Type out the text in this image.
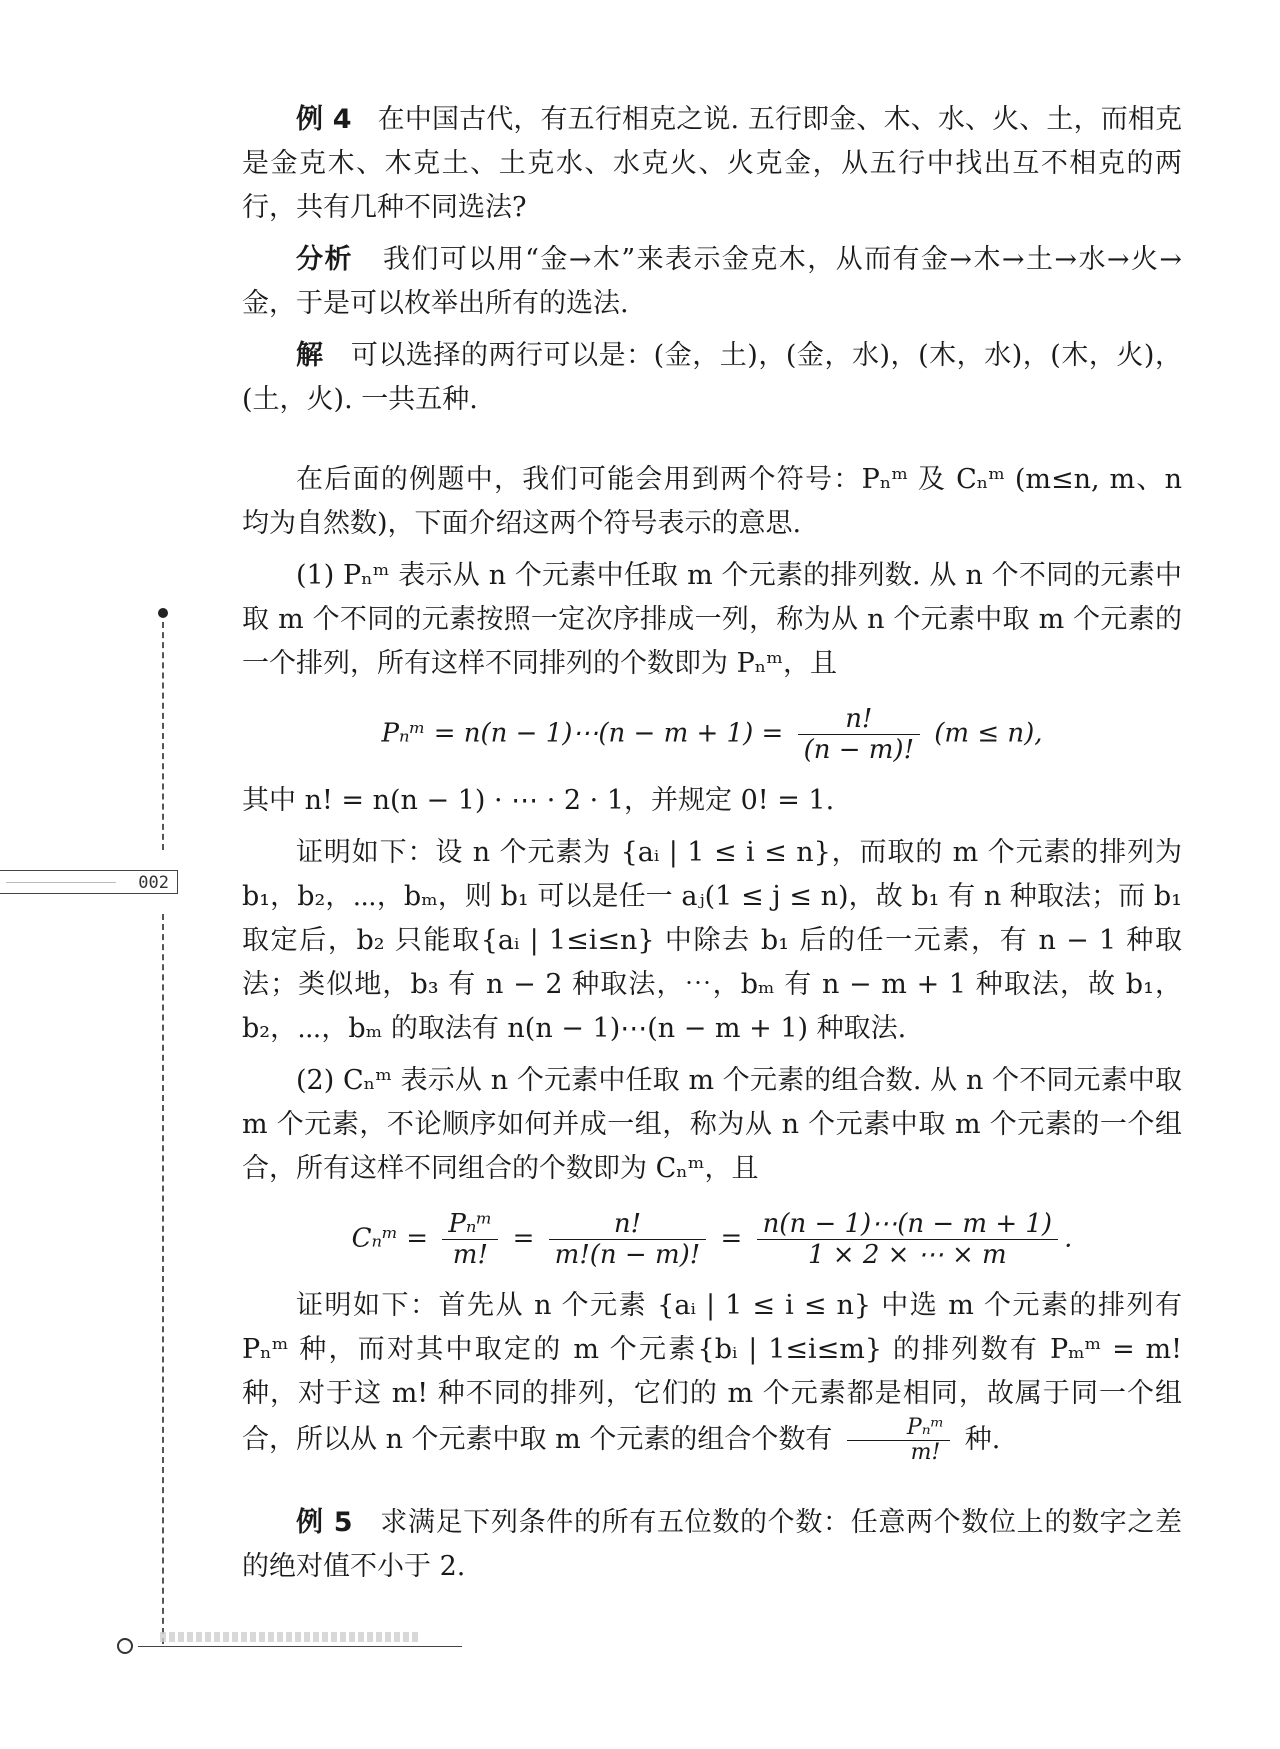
002

例 4 在中国古代，有五行相克之说. 五行即金、木、水、火、土，而相克是金克木、木克土、土克水、水克火、火克金，从五行中找出互不相克的两行，共有几种不同选法?

分析 我们可以用“金→木”来表示金克木，从而有金→木→土→水→火→金，于是可以枚举出所有的选法.

解 可以选择的两行可以是：(金，土)，(金，水)，(木，水)，(木，火)，(土，火). 一共五种.

在后面的例题中，我们可能会用到两个符号：Pₙᵐ 及 Cₙᵐ (m≤n, m、n 均为自然数)，下面介绍这两个符号表示的意思.

(1) Pₙᵐ 表示从 n 个元素中任取 m 个元素的排列数. 从 n 个不同的元素中取 m 个不同的元素按照一定次序排成一列，称为从 n 个元素中取 m 个元素的一个排列，所有这样不同排列的个数即为 Pₙᵐ，且

Pₙᵐ = n(n − 1)⋯(n − $m + 1) = \frac{n!}{(n - m)!} (m \le n)$,

其中 n! = n(n − 1) · ⋯ · 2 · 1，并规定 0! = 1.

证明如下：设 n 个元素为 {aᵢ | 1 ≤ i ≤ n}，而取的 m 个元素的排列为 b₁，b₂，⋯，bₘ，则 b₁ 可以是任一 aⱼ(1 ≤ j ≤ n)，故 b₁ 有 n 种取法；而 b₁ 取定后，b₂ 只能取{aᵢ | 1≤i≤n} 中除去 b₁ 后的任一元素，有 n − 1 种取法；类似地，b₃ 有 n − 2 种取法，⋯，bₘ 有 n − m + 1 种取法，故 b₁，b₂，⋯，bₘ 的取法有 n(n − 1)⋯(n − m + 1) 种取法.

(2) Cₙᵐ 表示从 n 个元素中任取 m 个元素的组合数. 从 n 个不同元素中取 m 个元素，不论顺序如何并成一组，称为从 n 个元素中取 m 个元素的一个组合，所有这样不同组合的个数即为 Cₙᵐ，且

Cₙᵐ = $\frac{\text{Pₙᵐ}}{m!} = \frac{n!}{m!(n - m)!} = \frac{n(n - 1)\cdots(n - m + 1)}{1 \times 2 \times \cdots \times m}$ .

证明如下：首先从 n 个元素 {aᵢ | 1 ≤ i ≤ n} 中选 m 个元素的排列有 Pₙᵐ 种，而对其中取定的 m 个元素{bᵢ | 1≤i≤m} 的排列数有 Pₘᵐ = m! 种，对于这 m! 种不同的排列，它们的 m 个元素都是相同，故属于同一个组合，所以从 n 个元素中取 m 个元素的组合个数有 $\frac{\text{Pₙᵐ}}{m!}$ 种.

例 5 求满足下列条件的所有五位数的个数：任意两个数位上的数字之差的绝对值不小于 2.
